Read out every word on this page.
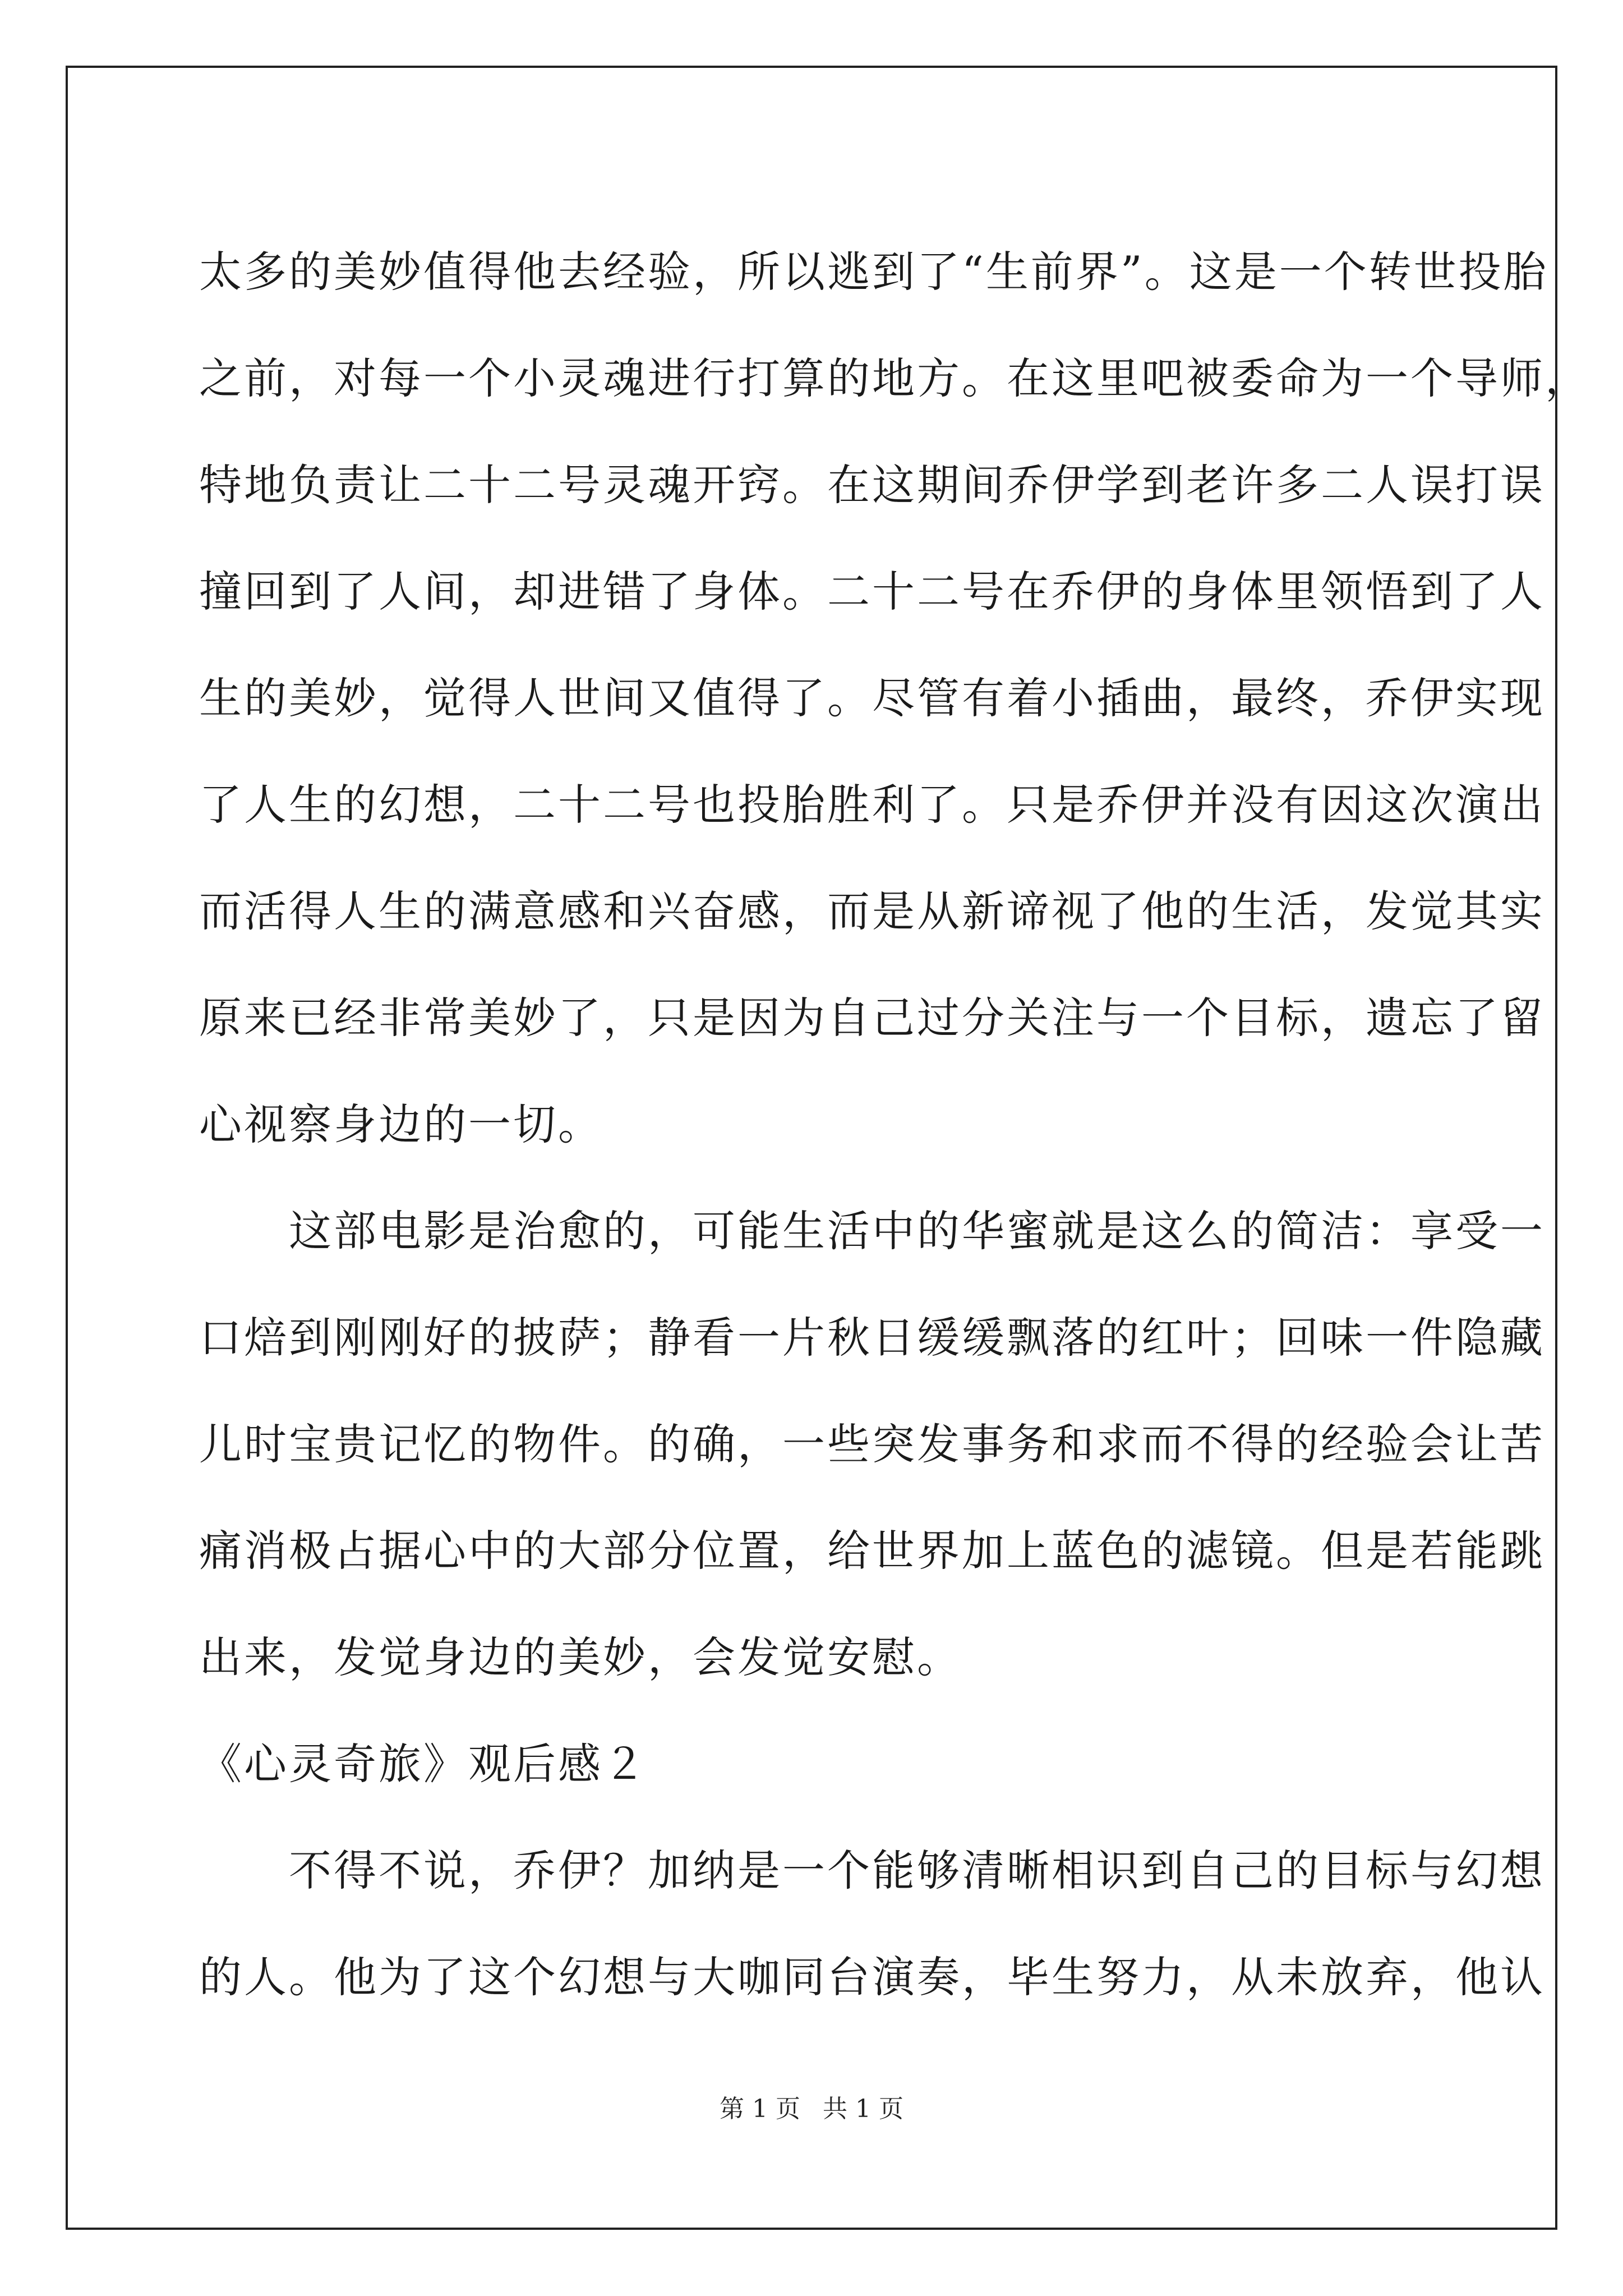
太多的美妙值得他去经验，所以逃到了“生前界”。这是一个转世投胎
之前，对每一个小灵魂进行打算的地方。在这里吧被委命为一个导师，
特地负责让二十二号灵魂开窍。在这期间乔伊学到老许多二人误打误
撞回到了人间，却进错了身体。二十二号在乔伊的身体里领悟到了人
生的美妙，觉得人世间又值得了。尽管有着小插曲，最终，乔伊实现
了人生的幻想，二十二号也投胎胜利了。只是乔伊并没有因这次演出
而活得人生的满意感和兴奋感，而是从新谛视了他的生活，发觉其实
原来已经非常美妙了，只是因为自己过分关注与一个目标，遗忘了留
心视察身边的一切。
　　这部电影是治愈的，可能生活中的华蜜就是这么的简洁：享受一
口焙到刚刚好的披萨；静看一片秋日缓缓飘落的红叶；回味一件隐藏
儿时宝贵记忆的物件。的确，一些突发事务和求而不得的经验会让苦
痛消极占据心中的大部分位置，给世界加上蓝色的滤镜。但是若能跳
出来，发觉身边的美妙，会发觉安慰。
《心灵奇旅》观后感２
　　不得不说，乔伊？加纳是一个能够清晰相识到自己的目标与幻想
的人。他为了这个幻想与大咖同台演奏，毕生努力，从未放弃，他认
第 1 页 共 1 页
